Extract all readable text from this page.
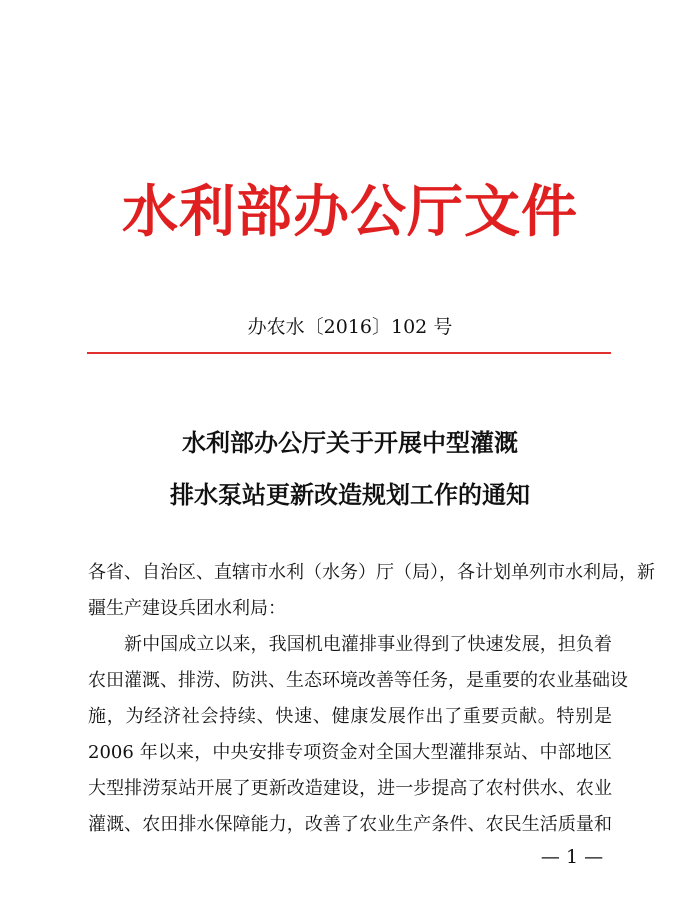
水利部办公厅文件
办农水〔2016〕102 号
水利部办公厅关于开展中型灌溉
排水泵站更新改造规划工作的通知
各省、自治区、直辖市水利（水务）厅（局），各计划单列市水利局，新
疆生产建设兵团水利局：
新中国成立以来，我国机电灌排事业得到了快速发展，担负着
农田灌溉、排涝、防洪、生态环境改善等任务，是重要的农业基础设
施，为经济社会持续、快速、健康发展作出了重要贡献。特别是
2006 年以来，中央安排专项资金对全国大型灌排泵站、中部地区
大型排涝泵站开展了更新改造建设，进一步提高了农村供水、农业
灌溉、农田排水保障能力，改善了农业生产条件、农民生活质量和
— 1 —
